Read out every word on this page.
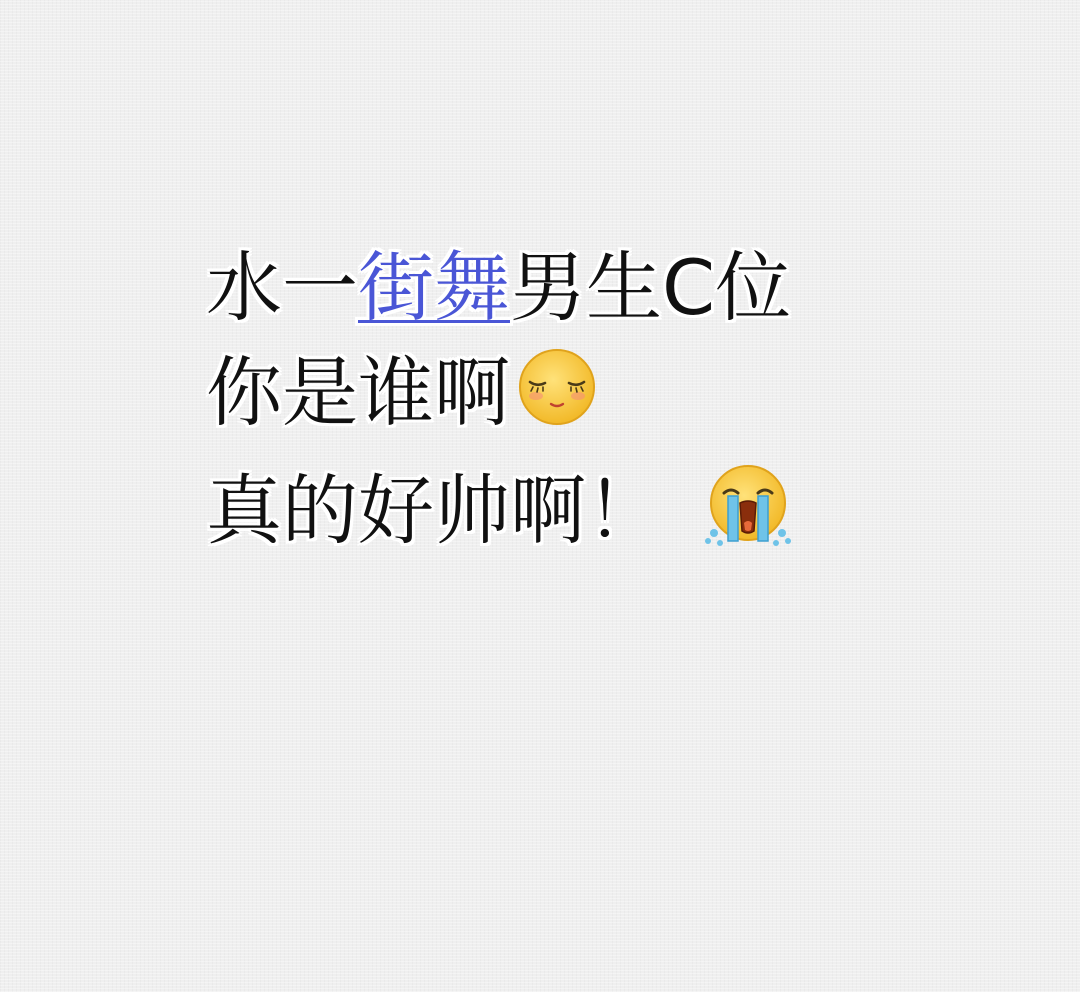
水一 街舞 男生C位
你是谁啊
真的好帅啊！
